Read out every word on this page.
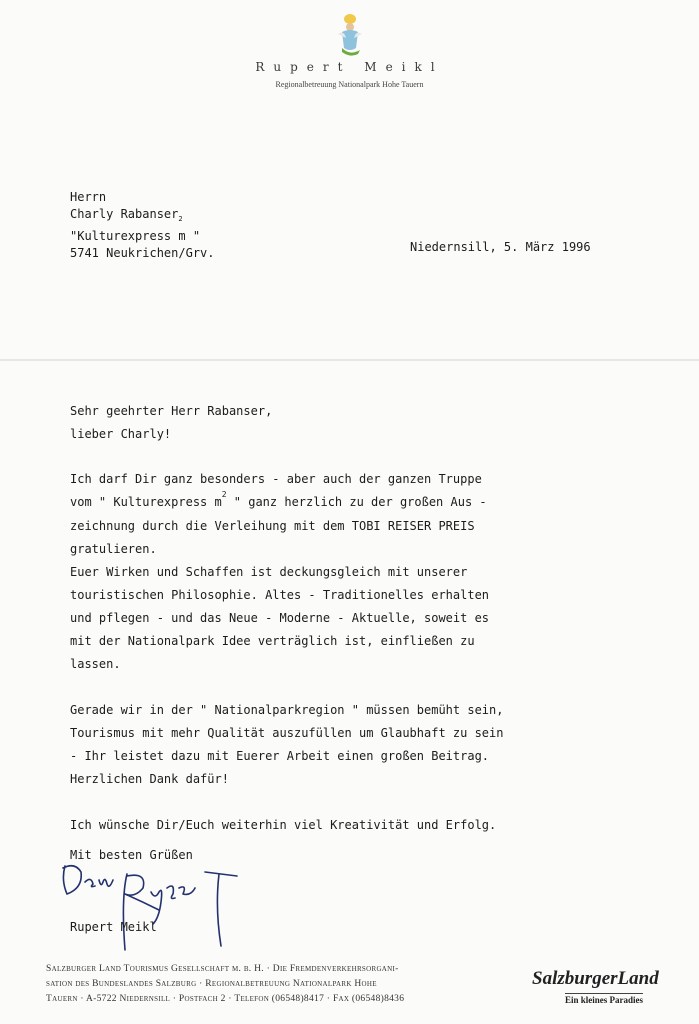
Rupert Meikl
Regionalbetreuung Nationalpark Hohe Tauern
Herrn
Charly Rabanser$_2$
"Kulturexpress m "
5741 Neukrichen/Grv.	Niedernsill, 5. März 1996
Sehr geehrter Herr Rabanser,
lieber Charly!
Ich darf Dir ganz besonders - aber auch der ganzen Truppe
vom " Kulturexpress $m^2$ " ganz herzlich zu der großen Aus -
zeichnung durch die Verleihung mit dem TOBI REISER PREIS
gratulieren.
Euer Wirken und Schaffen ist deckungsgleich mit unserer
touristischen Philosophie. Altes - Traditionelles erhalten
und pflegen - und das Neue - Moderne - Aktuelle, soweit es
mit der Nationalpark Idee verträglich ist, einfließen zu
lassen.
Gerade wir in der " Nationalparkregion " müssen bemüht sein,
Tourismus mit mehr Qualität auszufüllen um Glaubhaft zu sein
- Ihr leistet dazu mit Euerer Arbeit einen großen Beitrag.
Herzlichen Dank dafür!
Ich wünsche Dir/Euch weiterhin viel Kreativität und Erfolg.
Mit besten Grüßen
Rupert Meikl
Salzburger Land Tourismus Gesellschaft m. b. H. · Die Fremdenverkehrsorgani-
sation des Bundeslandes Salzburg · Regionalbetreuung Nationalpark Hohe
Tauern · A-5722 Niedernsill · Postfach 2 · Telefon (06548)8417 · Fax (06548)8436
SalzburgerLand
Ein kleines Paradies
